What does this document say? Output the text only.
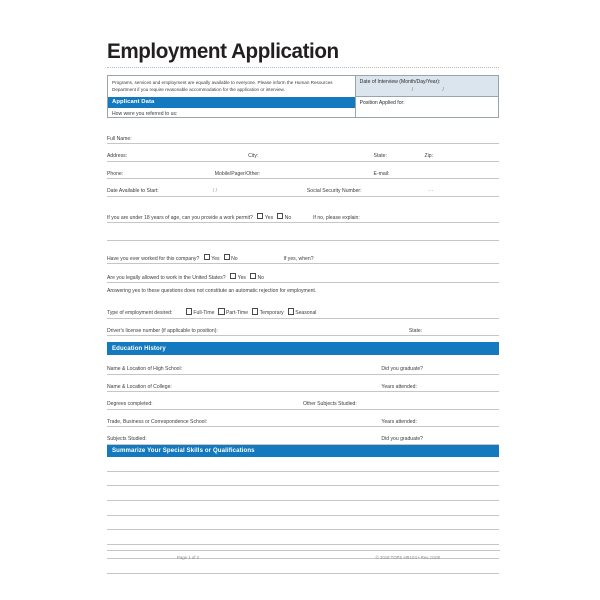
Employment Application
Programs, services and employment are equally available to everyone. Please inform the Human Resources Department if you require reasonable accommodation for the application or interview.
Applicant Data
How were you referred to us:
Date of Interview (Month/Day/Year):
/ /
Position Applied for:
Full Name:
Address:	City:	State:	Zip:
Phone:	Mobile/Pager/Other:	E-mail:
Date Available to Start:	/ /	Social Security Number:	- -
If you are under 18 years of age, can you provide a work permit? Yes No	If no, please explain:
Have you ever worked for this company? Yes No	If yes, when?
Are you legally allowed to work in the United States? Yes No
Answering yes to these questions does not constitute an automatic rejection for employment.
Type of employment desired:	Full-Time Part-Time Temporary Seasonal
Driver's license number (if applicable to position):	State:
Education History
Name & Location of High School:	Did you graduate?
Name & Location of College:	Years attended:
Degrees completed:	Other Subjects Studied:
Trade, Business or Correspondence School:	Years attended:
Subjects Studied:	Did you graduate?
Summarize Your Special Skills or Qualifications
Page 1 of 2	© 2018 TOPS HR104 • Rev. 0108
